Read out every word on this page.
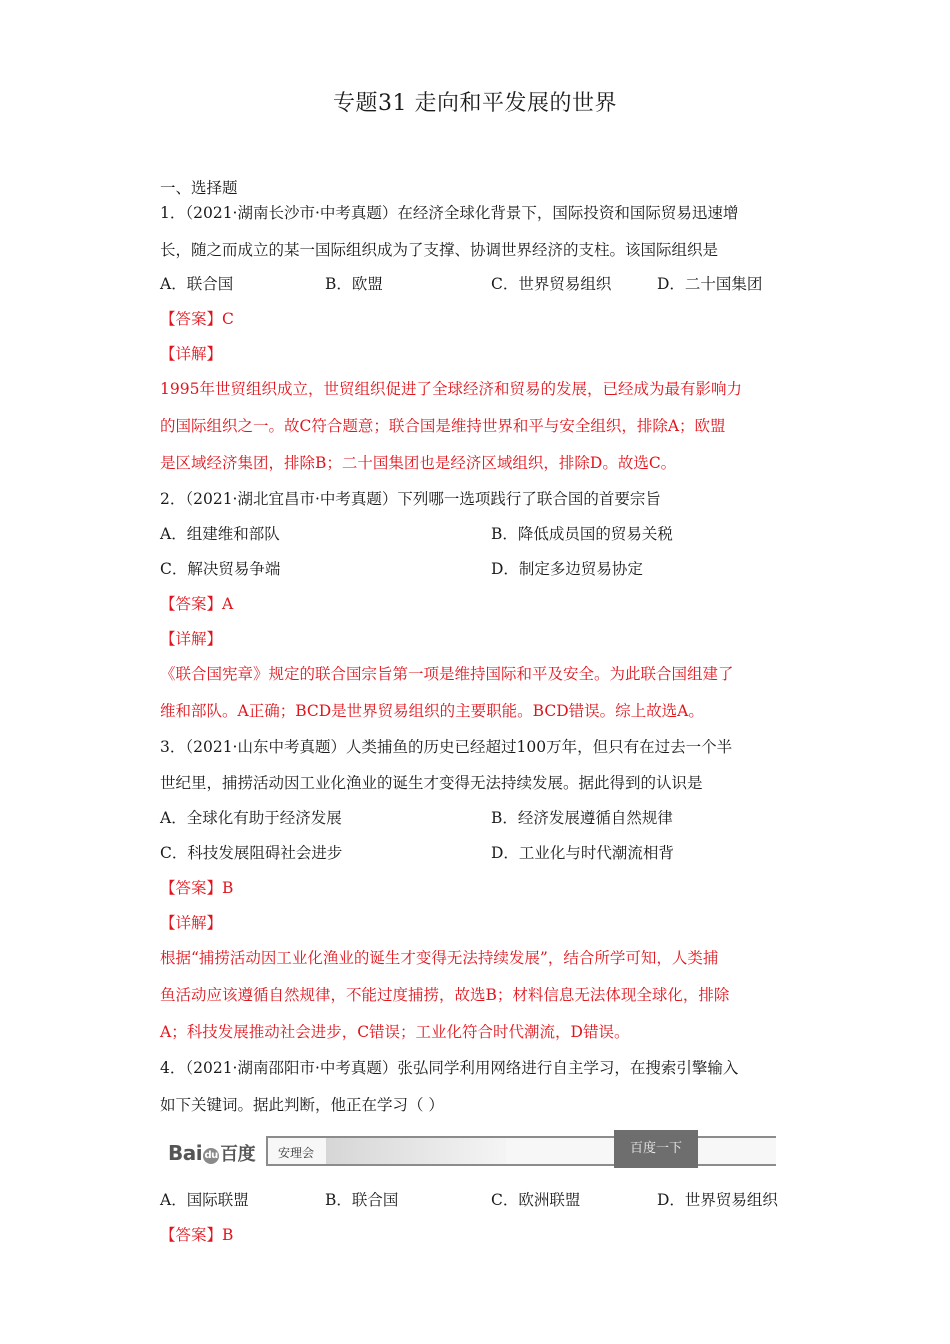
专题31 走向和平发展的世界
一、选择题
1．（2021·湖南长沙市·中考真题）在经济全球化背景下，国际投资和国际贸易迅速增
长，随之而成立的某一国际组织成为了支撑、协调世界经济的支柱。该国际组织是
A．联合国	B．欧盟	C．世界贸易组织	D．二十国集团
【答案】C
【详解】
1995年世贸组织成立，世贸组织促进了全球经济和贸易的发展，已经成为最有影响力
的国际组织之一。故C符合题意；联合国是维持世界和平与安全组织，排除A；欧盟
是区域经济集团，排除B；二十国集团也是经济区域组织，排除D。故选C。
2．（2021·湖北宜昌市·中考真题）下列哪一选项践行了联合国的首要宗旨
A．组建维和部队	B．降低成员国的贸易关税
C．解决贸易争端	D．制定多边贸易协定
【答案】A
【详解】
《联合国宪章》规定的联合国宗旨第一项是维持国际和平及安全。为此联合国组建了
维和部队。A正确；BCD是世界贸易组织的主要职能。BCD错误。综上故选A。
3．（2021·山东中考真题）人类捕鱼的历史已经超过100万年，但只有在过去一个半
世纪里，捕捞活动因工业化渔业的诞生才变得无法持续发展。据此得到的认识是
A．全球化有助于经济发展	B．经济发展遵循自然规律
C．科技发展阻碍社会进步	D．工业化与时代潮流相背
【答案】B
【详解】
根据“捕捞活动因工业化渔业的诞生才变得无法持续发展”，结合所学可知，人类捕
鱼活动应该遵循自然规律，不能过度捕捞，故选B；材料信息无法体现全球化，排除
A；科技发展推动社会进步，C错误；工业化符合时代潮流，D错误。
4．（2021·湖南邵阳市·中考真题）张弘同学利用网络进行自主学习，在搜索引擎输入
如下关键词。据此判断，他正在学习（ ）
Bai du 百度 安理会	百度一下
A．国际联盟	B．联合国	C．欧洲联盟	D．世界贸易组织
【答案】B
